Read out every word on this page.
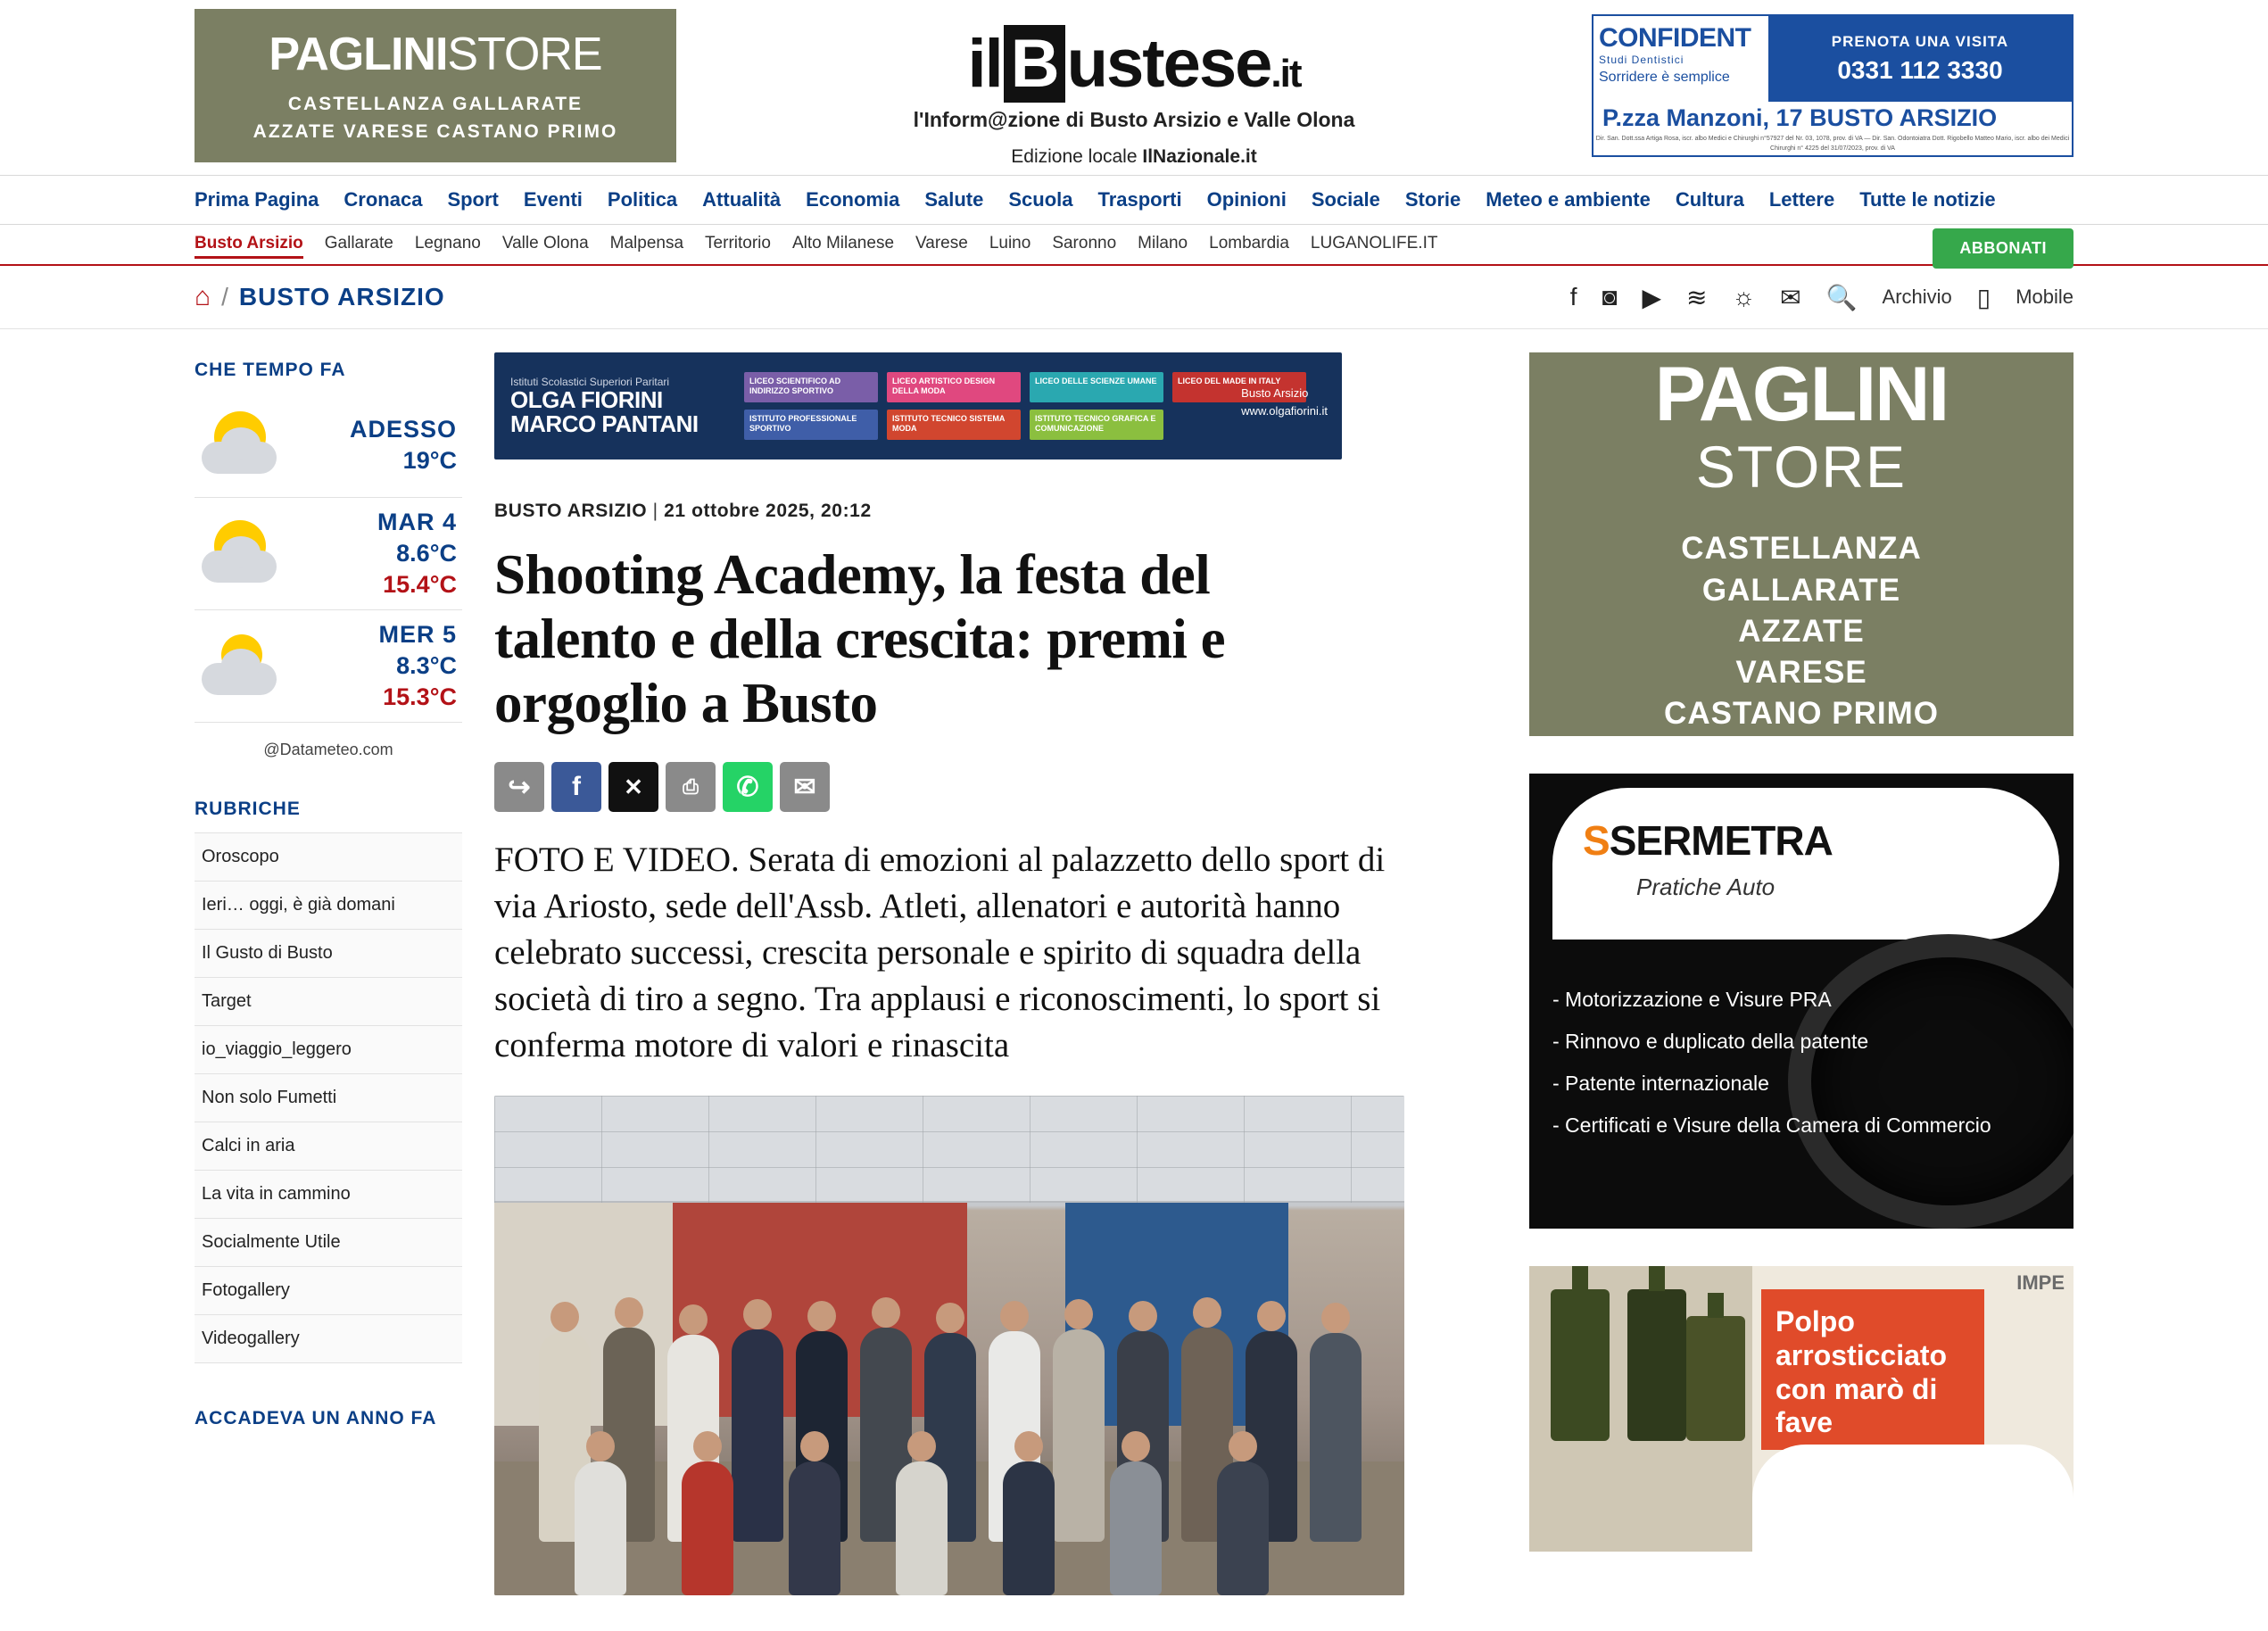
PAGLINISTORE
CASTELLANZA GALLARATE
AZZATE VARESE CASTANO PRIMO
il B ustese.it
l'Inform@zione di Busto Arsizio e Valle Olona
Edizione locale IlNazionale.it
CONFIDENT
Studi Dentistici
Sorridere è semplice
PRENOTA UNA VISITA
0331 112 3330
P.zza Manzoni, 17 BUSTO ARSIZIO
Dir. San. Dott.ssa Artiga Rosa, iscr. albo Medici e Chirurghi n°57927 del Nr. 03, 1078, prov. di VA — Dir. San. Odontoiatra Dott. Rigobello Matteo Mario, iscr. albo dei Medici Chirurghi n° 4225 del 31/07/2023, prov. di VA
Prima Pagina Cronaca Sport Eventi Politica Attualità Economia Salute Scuola Trasporti Opinioni Sociale Storie Meteo e ambiente Cultura Lettere Tutte le notizie
Busto Arsizio Gallarate Legnano Valle Olona Malpensa Territorio Alto Milanese Varese Luino Saronno Milano Lombardia LUGANOLIFE.IT	ABBONATI
⌂ / BUSTO ARSIZIO	f ◙ ▶ ≋ ☼ ✉ 🔍 Archivio ▯ Mobile
CHE TEMPO FA
ADESSO
19°C
MAR 4
8.6°C
15.4°C
MER 5
8.3°C
15.3°C
@Datameteo.com
RUBRICHE
Oroscopo
Ieri… oggi, è già domani
Il Gusto di Busto
Target
io_viaggio_leggero
Non solo Fumetti
Calci in aria
La vita in cammino
Socialmente Utile
Fotogallery
Videogallery
ACCADEVA UN ANNO FA
Istituti Scolastici Superiori Paritari
OLGA FIORINI
MARCO PANTANI
LICEO SCIENTIFICO AD INDIRIZZO SPORTIVO
LICEO ARTISTICO DESIGN DELLA MODA
LICEO DELLE SCIENZE UMANE	LICEO DEL MADE IN ITALY
ISTITUTO PROFESSIONALE SPORTIVO
ISTITUTO TECNICO SISTEMA MODA
ISTITUTO TECNICO GRAFICA E COMUNICAZIONE
Busto Arsizio
www.olgafiorini.it
BUSTO ARSIZIO | 21 ottobre 2025, 20:12
Shooting Academy, la festa del talento e della crescita: premi e orgoglio a Busto
↪	f	✕	⎙	✆	✉
FOTO E VIDEO. Serata di emozioni al palazzetto dello sport di via Ariosto, sede dell'Assb. Atleti, allenatori e autorità hanno celebrato successi, crescita personale e spirito di squadra della società di tiro a segno. Tra applausi e riconoscimenti, lo sport si conferma motore di valori e rinascita
PAGLINI
STORE
CASTELLANZA
GALLARATE
AZZATE
VARESE
CASTANO PRIMO
SSERMETRA
Pratiche Auto
- Motorizzazione e Visure PRA
- Rinnovo e duplicato della patente
- Patente internazionale
- Certificati e Visure della Camera di Commercio
IMPE
Polpo arrosticciato con marò di fave
